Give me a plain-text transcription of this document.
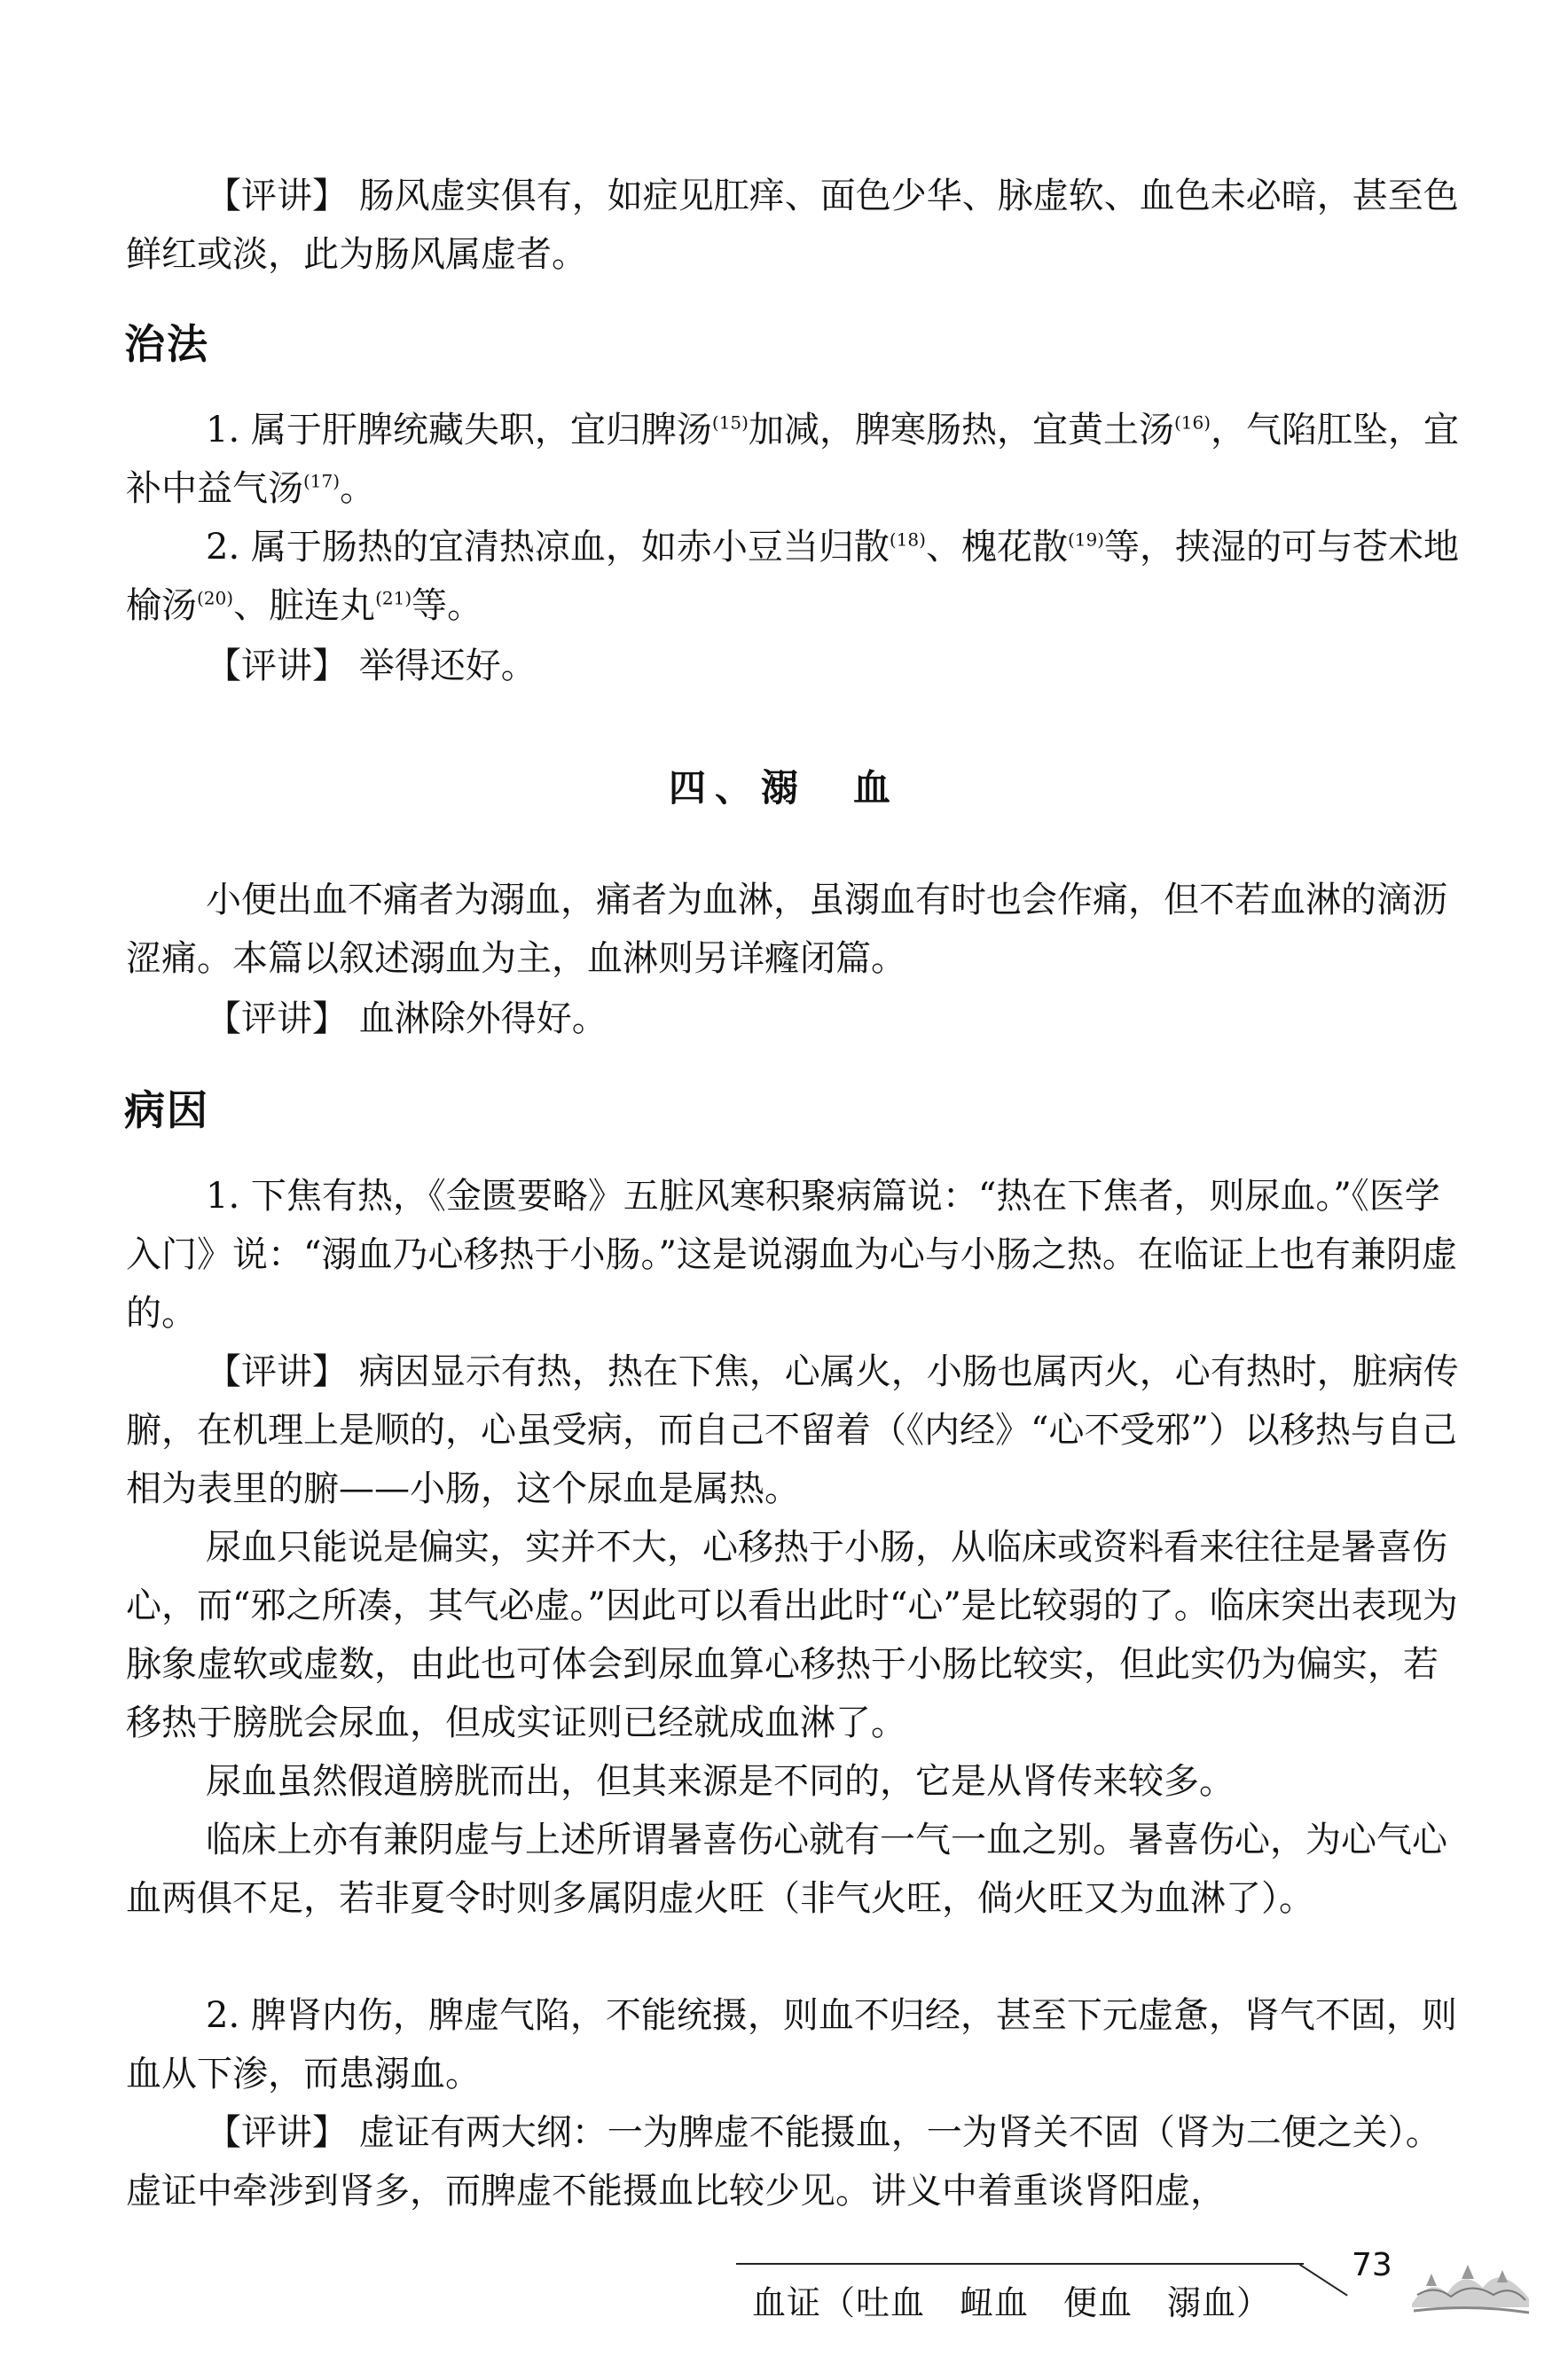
【评讲】 肠风虚实俱有，如症见肛痒、面色少华、脉虚软、血色未必暗，甚至色鲜红或淡，此为肠风属虚者。

治法

1. 属于肝脾统藏失职，宜归脾汤$^{(15)}$加减，脾寒肠热，宜黄土汤$^{(16)}$，气陷肛坠，宜补中益气汤$^{(17)}$。

2. 属于肠热的宜清热凉血，如赤小豆当归散$^{(18)}$、槐花散$^{(19)}$等，挟湿的可与苍术地榆汤$^{(20)}$、脏连丸$^{(21)}$等。

【评讲】 举得还好。

四、溺　血

小便出血不痛者为溺血，痛者为血淋，虽溺血有时也会作痛，但不若血淋的滴沥涩痛。本篇以叙述溺血为主，血淋则另详癃闭篇。

【评讲】 血淋除外得好。

病因

1. 下焦有热，《金匮要略》五脏风寒积聚病篇说：“热在下焦者，则尿血。”《医学入门》说：“溺血乃心移热于小肠。”这是说溺血为心与小肠之热。在临证上也有兼阴虚的。

【评讲】 病因显示有热，热在下焦，心属火，小肠也属丙火，心有热时，脏病传腑，在机理上是顺的，心虽受病，而自己不留着（《内经》“心不受邪”）以移热与自己相为表里的腑——小肠，这个尿血是属热。

尿血只能说是偏实，实并不大，心移热于小肠，从临床或资料看来往往是暑喜伤心，而“邪之所凑，其气必虚。”因此可以看出此时“心”是比较弱的了。临床突出表现为脉象虚软或虚数，由此也可体会到尿血算心移热于小肠比较实，但此实仍为偏实，若移热于膀胱会尿血，但成实证则已经就成血淋了。

尿血虽然假道膀胱而出，但其来源是不同的，它是从肾传来较多。

临床上亦有兼阴虚与上述所谓暑喜伤心就有一气一血之别。暑喜伤心，为心气心血两俱不足，若非夏令时则多属阴虚火旺（非气火旺，倘火旺又为血淋了）。

2. 脾肾内伤，脾虚气陷，不能统摄，则血不归经，甚至下元虚惫，肾气不固，则血从下渗，而患溺血。

【评讲】 虚证有两大纲：一为脾虚不能摄血，一为肾关不固（肾为二便之关）。虚证中牵涉到肾多，而脾虚不能摄血比较少见。讲义中着重谈肾阳虚，

73

血证（吐血　衄血　便血　溺血）
